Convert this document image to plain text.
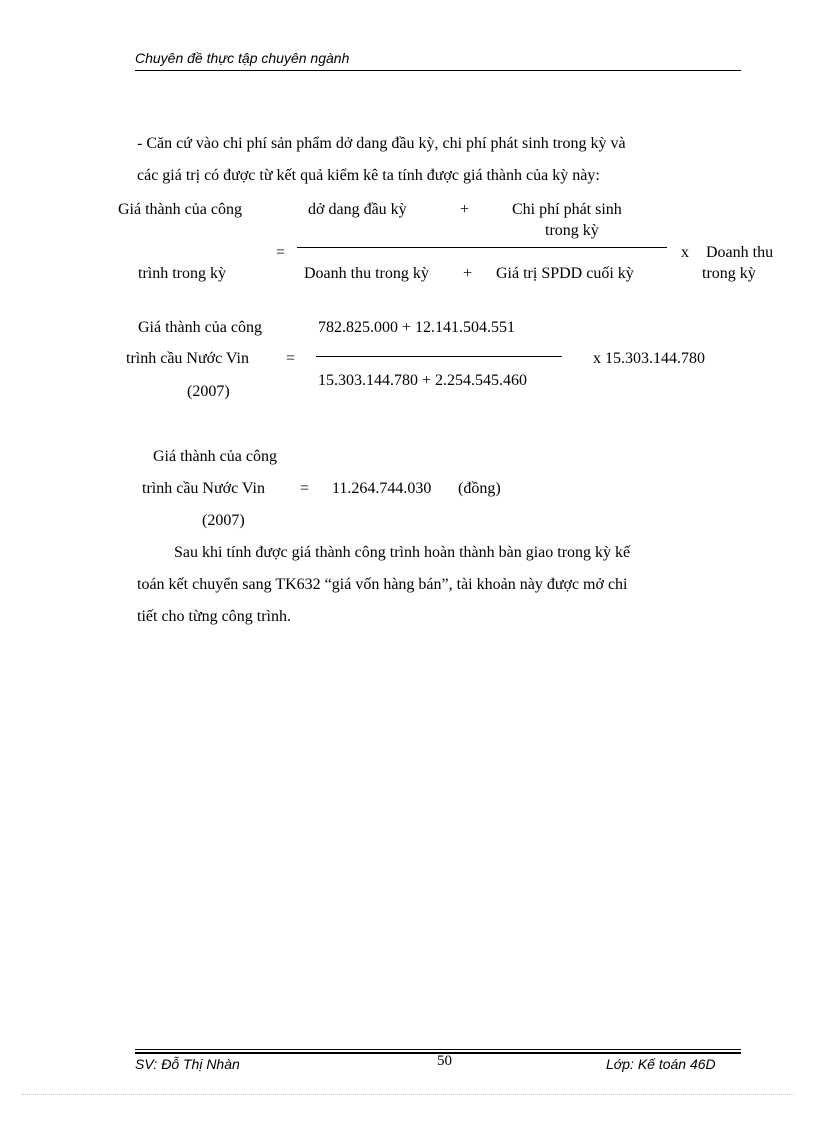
Chuyên đề thực tập chuyên ngành
- Căn cứ vào chi phí sản phẩm dở dang đầu kỳ, chi phí phát sinh trong kỳ và
các giá trị có được từ kết quả kiểm kê ta tính được giá thành của kỳ này:
Giá thành của công
trình trong kỳ
=
dở dang đầu kỳ	+	Chi phí phát sinh
trong kỳ
Doanh thu trong kỳ + Giá trị SPDD cuối kỳ
x Doanh thu
trong kỳ
Giá thành của công
trình cầu Nước Vin =
(2007)
782.825.000 + 12.141.504.551
15.303.144.780 + 2.254.545.460
x 15.303.144.780
Giá thành của công
trình cầu Nước Vin = 11.264.744.030 (đồng)
(2007)
Sau khi tính được giá thành công trình hoàn thành bàn giao trong kỳ kế
toán kết chuyển sang TK632 “giá vốn hàng bán”, tài khoản này được mở chi
tiết cho từng công trình.
SV: Đỗ Thị Nhàn	50	Lớp: Kế toán 46D
